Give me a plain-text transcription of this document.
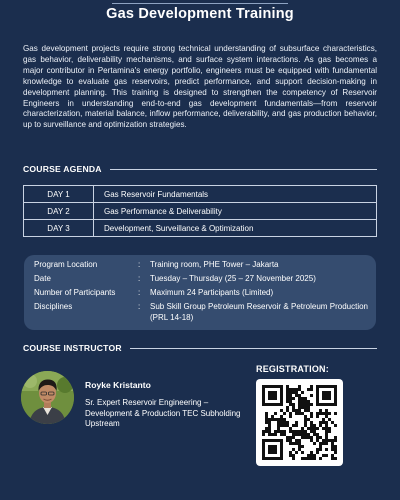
Gas Development Training
Gas development projects require strong technical understanding of subsurface characteristics, gas behavior, deliverability mechanisms, and surface system interactions. As gas becomes a major contributor in Pertamina's energy portfolio, engineers must be equipped with fundamental knowledge to evaluate gas reservoirs, predict performance, and support decision-making in development planning. This training is designed to strengthen the competency of Reservoir Engineers in understanding end-to-end gas development fundamentals—from reservoir characterization, material balance, inflow performance, deliverability, and gas production behavior, up to surveillance and optimization strategies.
COURSE AGENDA
DAY 1	Gas Reservoir Fundamentals
DAY 2	Gas Performance & Deliverability
DAY 3	Development, Surveillance & Optimization
Program Location	: Training room, PHE Tower – Jakarta
Date	: Tuesday – Thursday (25 – 27 November 2025)
Number of Participants	: Maximum 24 Participants (Limited)
Disciplines	: Sub Skill Group Petroleum Reservoir & Petroleum Production (PRL 14-18)
COURSE INSTRUCTOR
Royke Kristanto
Sr. Expert Reservoir Engineering – Development & Production TEC Subholding Upstream
REGISTRATION:
